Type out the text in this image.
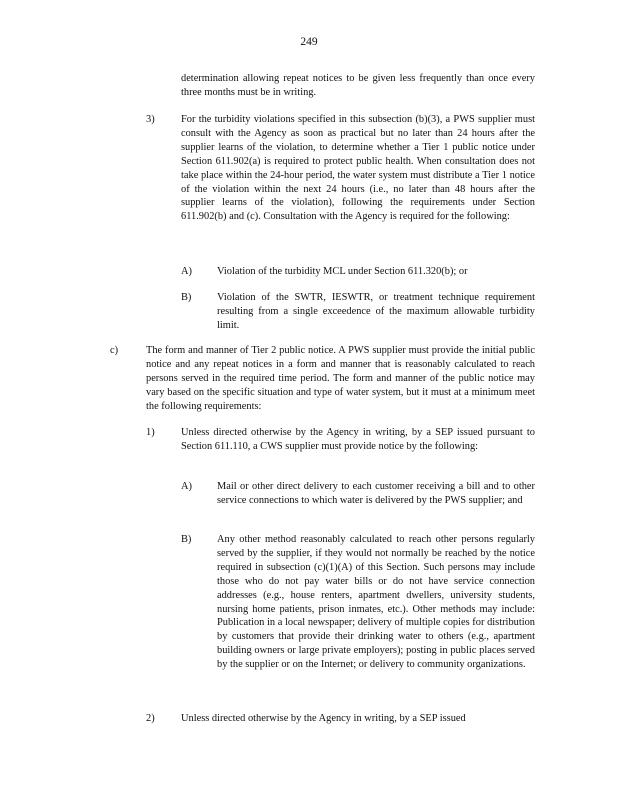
249
determination allowing repeat notices to be given less frequently than once every three months must be in writing.
3)	For the turbidity violations specified in this subsection (b)(3), a PWS supplier must consult with the Agency as soon as practical but no later than 24 hours after the supplier learns of the violation, to determine whether a Tier 1 public notice under Section 611.902(a) is required to protect public health. When consultation does not take place within the 24-hour period, the water system must distribute a Tier 1 notice of the violation within the next 24 hours (i.e., no later than 48 hours after the supplier learns of the violation), following the requirements under Section 611.902(b) and (c). Consultation with the Agency is required for the following:
A) Violation of the turbidity MCL under Section 611.320(b); or
B) Violation of the SWTR, IESWTR, or treatment technique requirement resulting from a single exceedence of the maximum allowable turbidity limit.
c)	The form and manner of Tier 2 public notice. A PWS supplier must provide the initial public notice and any repeat notices in a form and manner that is reasonably calculated to reach persons served in the required time period. The form and manner of the public notice may vary based on the specific situation and type of water system, but it must at a minimum meet the following requirements:
1)	Unless directed otherwise by the Agency in writing, by a SEP issued pursuant to Section 611.110, a CWS supplier must provide notice by the following:
A) Mail or other direct delivery to each customer receiving a bill and to other service connections to which water is delivered by the PWS supplier; and
B) Any other method reasonably calculated to reach other persons regularly served by the supplier, if they would not normally be reached by the notice required in subsection (c)(1)(A) of this Section. Such persons may include those who do not pay water bills or do not have service connection addresses (e.g., house renters, apartment dwellers, university students, nursing home patients, prison inmates, etc.). Other methods may include: Publication in a local newspaper; delivery of multiple copies for distribution by customers that provide their drinking water to others (e.g., apartment building owners or large private employers); posting in public places served by the supplier or on the Internet; or delivery to community organizations.
2)	Unless directed otherwise by the Agency in writing, by a SEP issued
